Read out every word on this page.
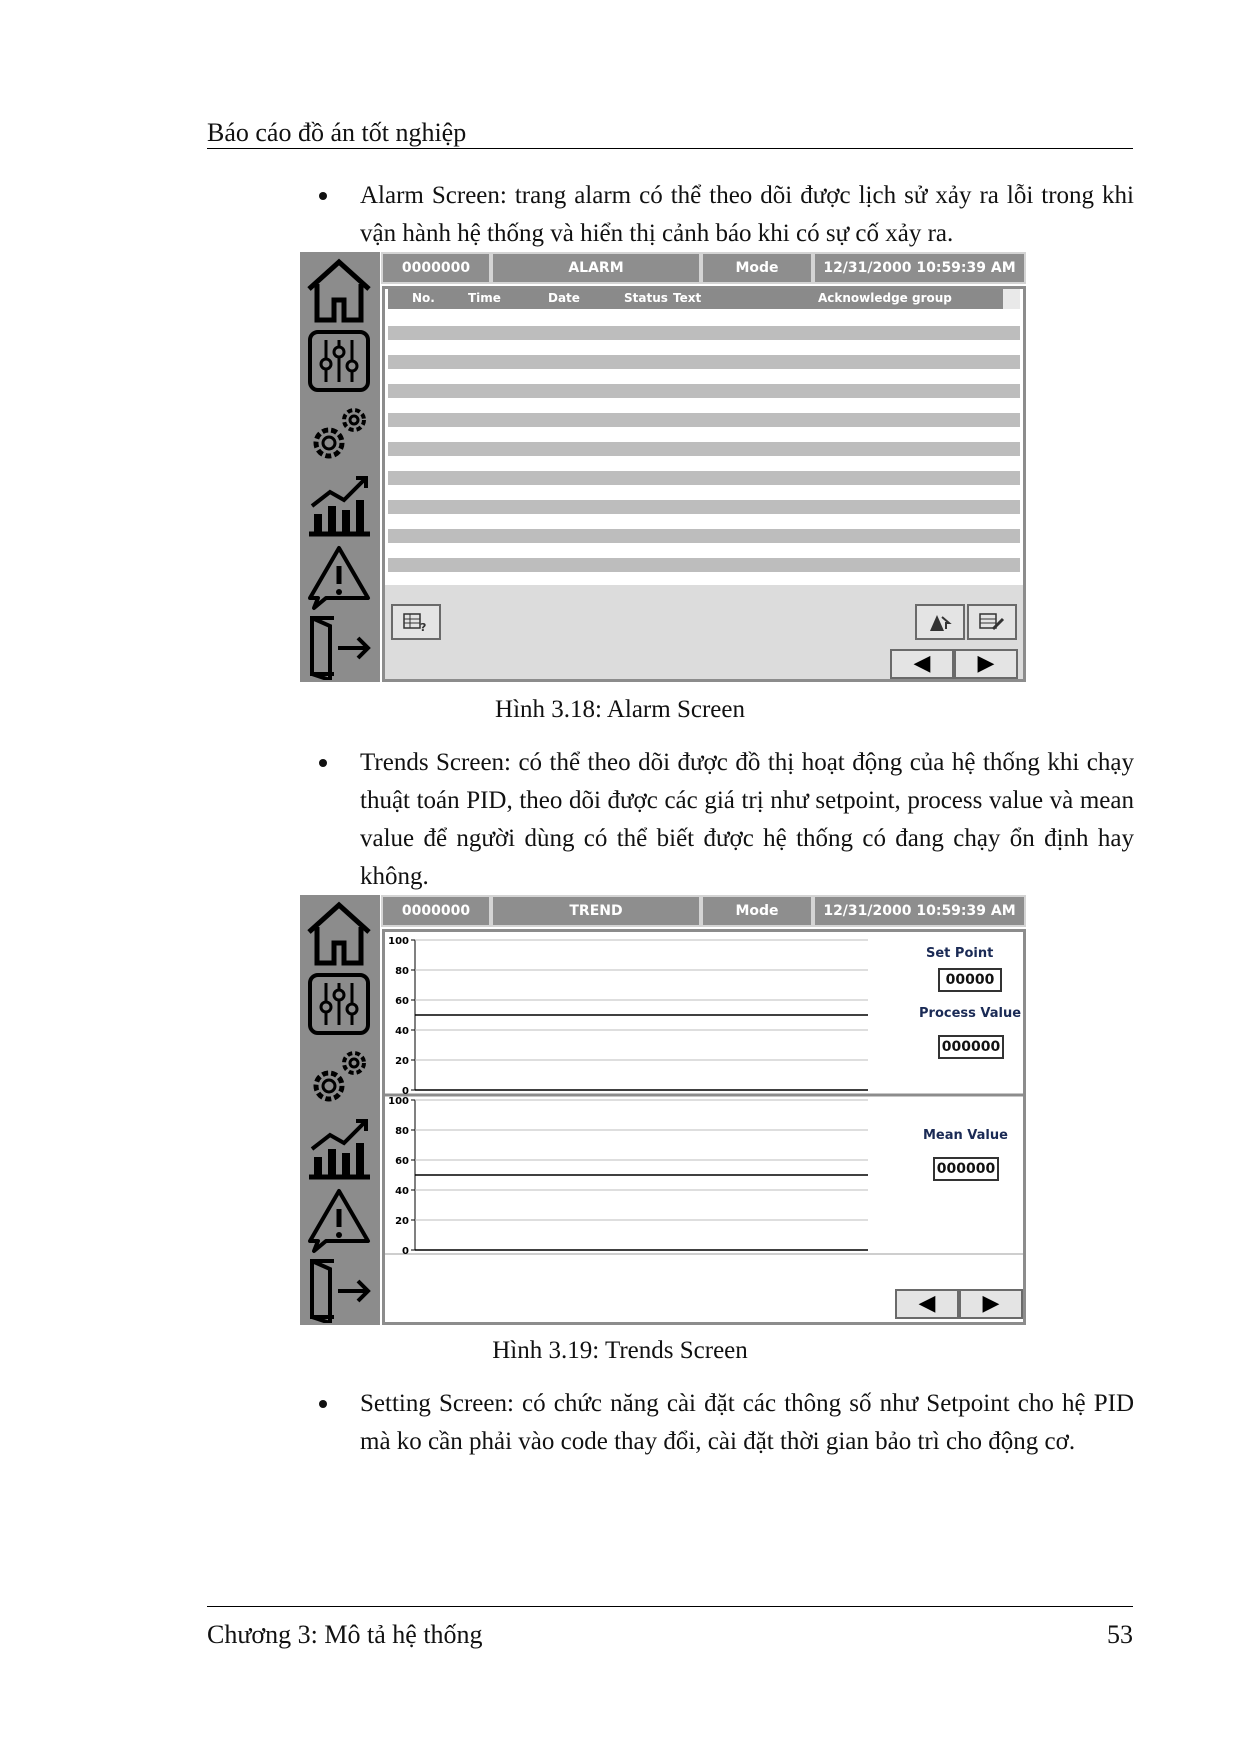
Báo cáo đồ án tốt nghiệp
Alarm Screen: trang alarm có thể theo dõi được lịch sử xảy ra lỗi trong khi vận hành hệ thống và hiển thị cảnh báo khi có sự cố xảy ra.
0000000	ALARM	Mode	12/31/2000 10:59:39 AM
No.	Time	Date	Status Text	Acknowledge group
?
◀ ▶
Hình 3.18: Alarm Screen
Trends Screen: có thể theo dõi được đồ thị hoạt động của hệ thống khi chạy thuật toán PID, theo dõi được các giá trị như setpoint, process value và mean value để người dùng có thể biết được hệ thống có đang chạy ổn định hay không.
0000000	TREND	Mode	12/31/2000 10:59:39 AM
100
80
60
40
20
0
100
80
60
40
20
0
Set Point
00000
Process Value
000000
Mean Value
000000
◀ ▶
Hình 3.19: Trends Screen
Setting Screen: có chức năng cài đặt các thông số như Setpoint cho hệ PID mà ko cần phải vào code thay đổi, cài đặt thời gian bảo trì cho động cơ.
Chương 3: Mô tả hệ thống	53
